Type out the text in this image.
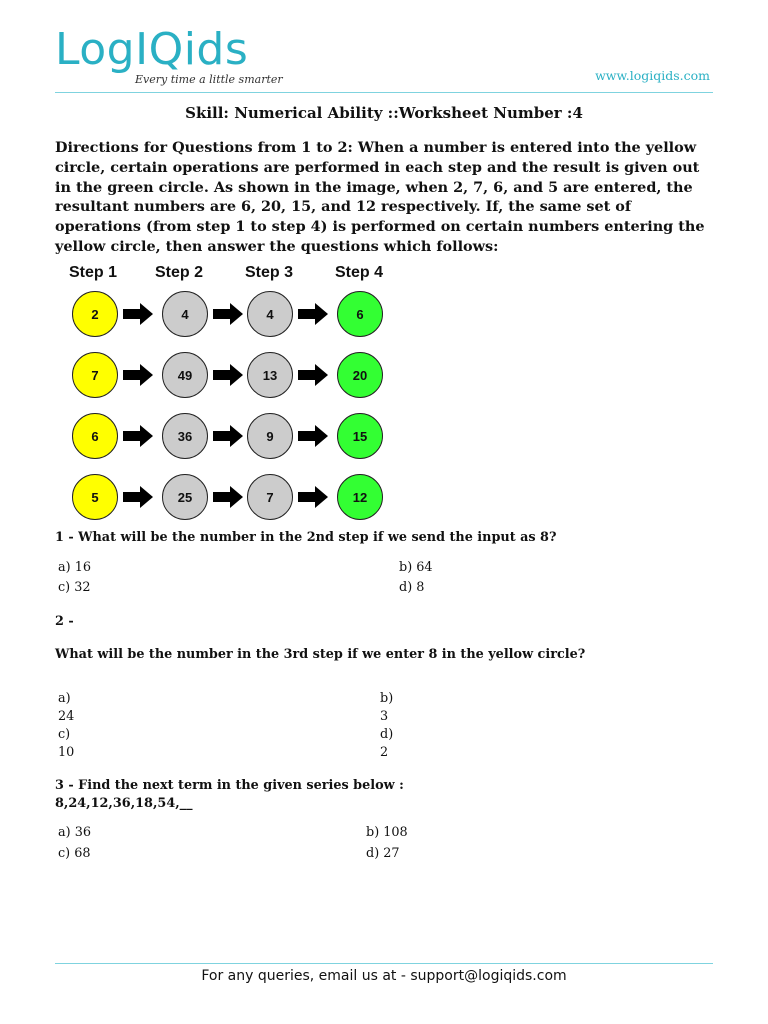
LogIQids
Every time a little smarter	www.logiqids.com
Skill: Numerical Ability ::Worksheet Number :4
Directions for Questions from 1 to 2: When a number is entered into the yellow circle, certain operations are performed in each step and the result is given out in the green circle. As shown in the image, when 2, 7, 6, and 5 are entered, the resultant numbers are 6, 20, 15, and 12 respectively. If, the same set of operations (from step 1 to step 4) is performed on certain numbers entering the yellow circle, then answer the questions which follows:
Step 1 Step 2	Step 3	Step 4
2	4	4	6
7	49	13	20
6	36	9	15
5	25	7	12
1 - What will be the number in the 2nd step if we send the input as 8?
a) 16	b) 64
c) 32	d) 8
2 -
What will be the number in the 3rd step if we enter 8 in the yellow circle?
a)
24
b)
3
c)
10
d)
2
3 - Find the next term in the given series below :
8,24,12,36,18,54,__
a) 36	b) 108
c) 68	d) 27
For any queries, email us at - support@logiqids.com
